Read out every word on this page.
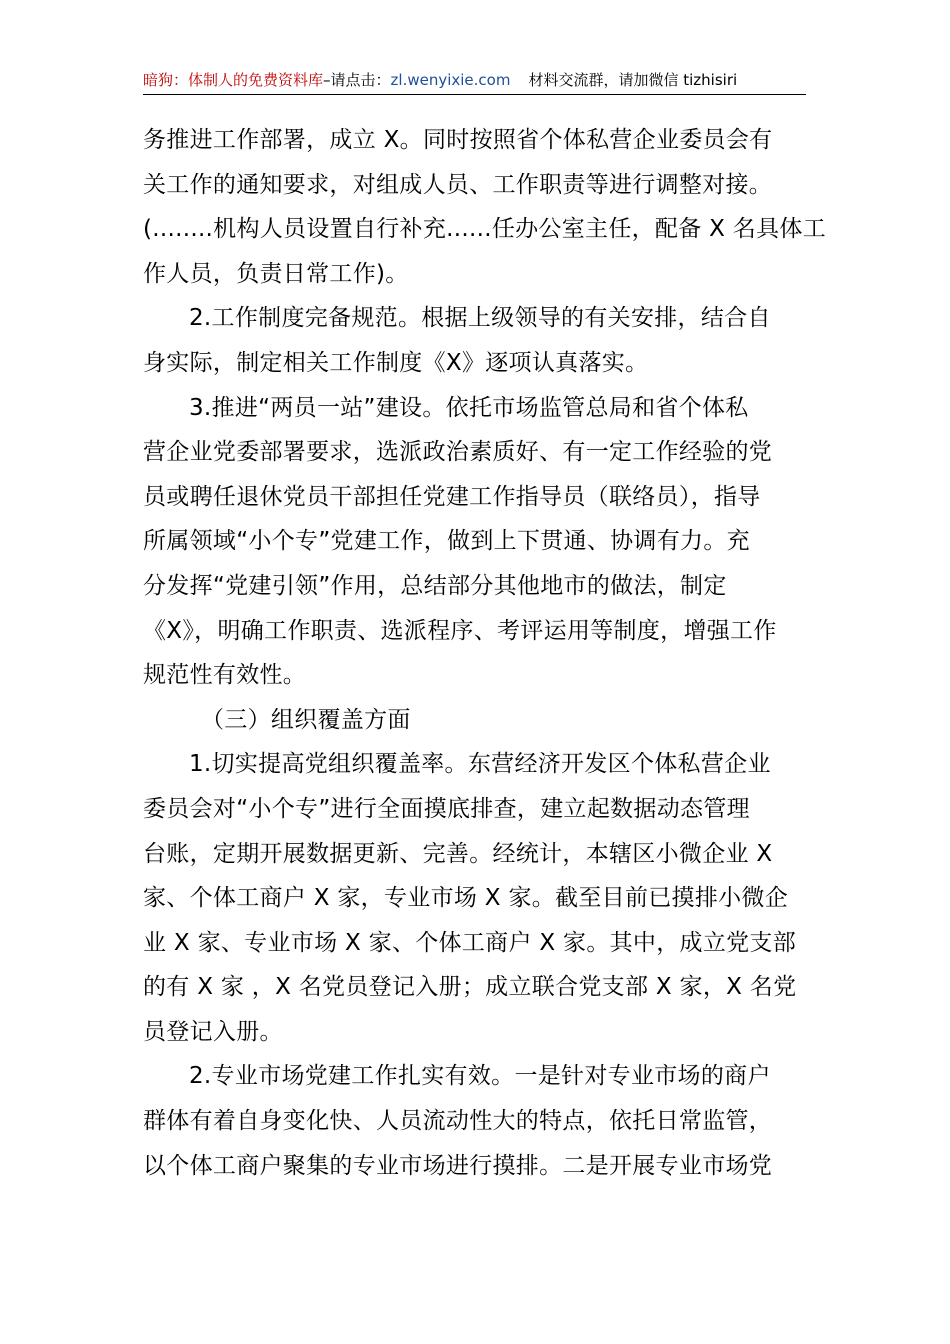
暗狗：体制人的免费资料库–请点击：zl.wenyixie.com 材料交流群，请加微信 tizhisiri
务推进工作部署，成立 X。同时按照省个体私营企业委员会有
关工作的通知要求，对组成人员、工作职责等进行调整对接。
(........机构人员设置自行补充......任办公室主任，配备 X 名具体工
作人员，负责日常工作)。
2.工作制度完备规范。根据上级领导的有关安排，结合自
身实际，制定相关工作制度《X》逐项认真落实。
3.推进“两员一站”建设。依托市场监管总局和省个体私
营企业党委部署要求，选派政治素质好、有一定工作经验的党
员或聘任退休党员干部担任党建工作指导员（联络员），指导
所属领域“小个专”党建工作，做到上下贯通、协调有力。充
分发挥“党建引领”作用，总结部分其他地市的做法，制定
《X》，明确工作职责、选派程序、考评运用等制度，增强工作
规范性有效性。
（三）组织覆盖方面
1.切实提高党组织覆盖率。东营经济开发区个体私营企业
委员会对“小个专”进行全面摸底排查，建立起数据动态管理
台账，定期开展数据更新、完善。经统计，本辖区小微企业 X
家、个体工商户 X 家，专业市场 X 家。截至目前已摸排小微企
业 X 家、专业市场 X 家、个体工商户 X 家。其中，成立党支部
的有 X 家 ，X 名党员登记入册；成立联合党支部 X 家，X 名党
员登记入册。
2.专业市场党建工作扎实有效。一是针对专业市场的商户
群体有着自身变化快、人员流动性大的特点，依托日常监管，
以个体工商户聚集的专业市场进行摸排。二是开展专业市场党
